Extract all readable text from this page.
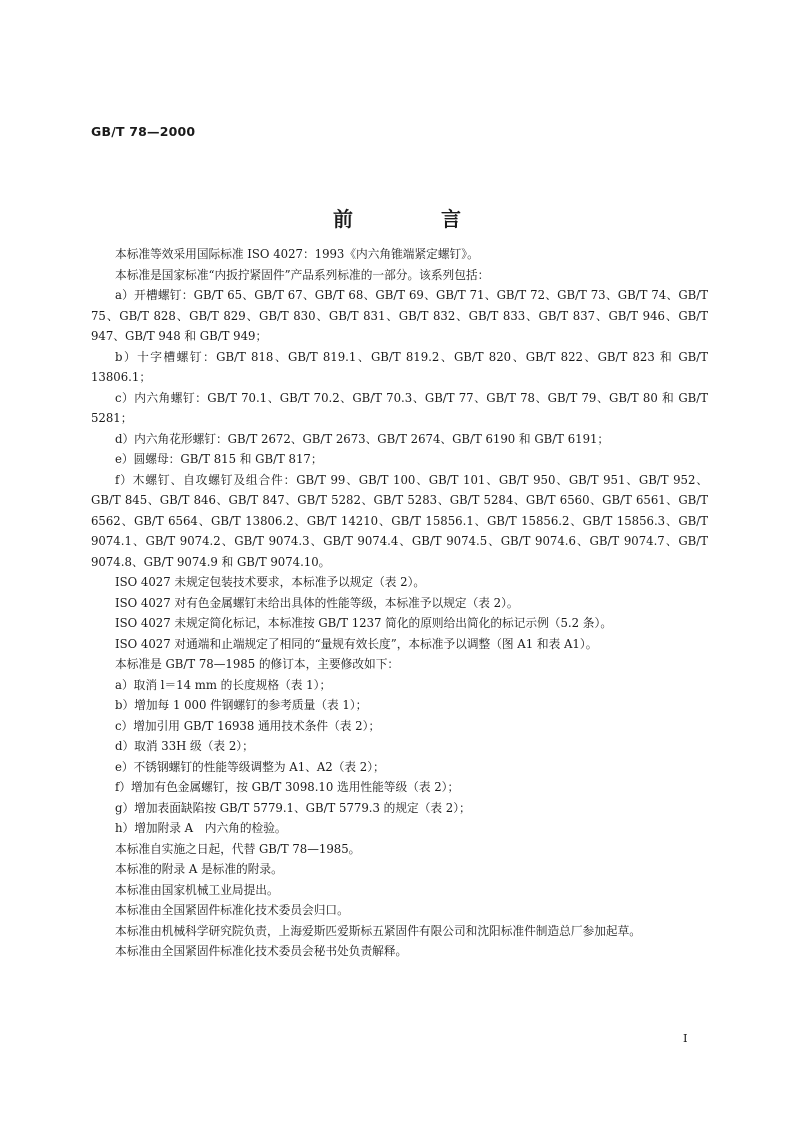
GB/T 78—2000
前　言

本标准等效采用国际标准 ISO 4027：1993《内六角锥端紧定螺钉》。

本标准是国家标准“内扳拧紧固件”产品系列标准的一部分。该系列包括：

a）开槽螺钉：GB/T 65、GB/T 67、GB/T 68、GB/T 69、GB/T 71、GB/T 72、GB/T 73、GB/T 74、GB/T 75、GB/T 828、GB/T 829、GB/T 830、GB/T 831、GB/T 832、GB/T 833、GB/T 837、GB/T 946、GB/T 947、GB/T 948 和 GB/T 949；

b）十字槽螺钉：GB/T 818、GB/T 819.1、GB/T 819.2、GB/T 820、GB/T 822、GB/T 823 和 GB/T 13806.1；

c）内六角螺钉：GB/T 70.1、GB/T 70.2、GB/T 70.3、GB/T 77、GB/T 78、GB/T 79、GB/T 80 和 GB/T 5281；

d）内六角花形螺钉：GB/T 2672、GB/T 2673、GB/T 2674、GB/T 6190 和 GB/T 6191；

e）圆螺母：GB/T 815 和 GB/T 817；

f）木螺钉、自攻螺钉及组合件：GB/T 99、GB/T 100、GB/T 101、GB/T 950、GB/T 951、GB/T 952、GB/T 845、GB/T 846、GB/T 847、GB/T 5282、GB/T 5283、GB/T 5284、GB/T 6560、GB/T 6561、GB/T 6562、GB/T 6564、GB/T 13806.2、GB/T 14210、GB/T 15856.1、GB/T 15856.2、GB/T 15856.3、GB/T 9074.1、GB/T 9074.2、GB/T 9074.3、GB/T 9074.4、GB/T 9074.5、GB/T 9074.6、GB/T 9074.7、GB/T 9074.8、GB/T 9074.9 和 GB/T 9074.10。

ISO 4027 未规定包装技术要求，本标准予以规定（表 2）。

ISO 4027 对有色金属螺钉未给出具体的性能等级，本标准予以规定（表 2）。

ISO 4027 未规定简化标记，本标准按 GB/T 1237 简化的原则给出简化的标记示例（5.2 条）。

ISO 4027 对通端和止端规定了相同的“量规有效长度”，本标准予以调整（图 A1 和表 A1）。

本标准是 GB/T 78—1985 的修订本，主要修改如下：

a）取消 l＝14 mm 的长度规格（表 1）；

b）增加每 1 000 件钢螺钉的参考质量（表 1）；

c）增加引用 GB/T 16938 通用技术条件（表 2）；

d）取消 33H 级（表 2）；

e）不锈钢螺钉的性能等级调整为 A1、A2（表 2）；

f）增加有色金属螺钉，按 GB/T 3098.10 选用性能等级（表 2）；

g）增加表面缺陷按 GB/T 5779.1、GB/T 5779.3 的规定（表 2）；

h）增加附录 A　内六角的检验。

本标准自实施之日起，代替 GB/T 78—1985。

本标准的附录 A 是标准的附录。

本标准由国家机械工业局提出。

本标准由全国紧固件标准化技术委员会归口。

本标准由机械科学研究院负责，上海爱斯匹爱斯标五紧固件有限公司和沈阳标准件制造总厂参加起草。

本标准由全国紧固件标准化技术委员会秘书处负责解释。

I
